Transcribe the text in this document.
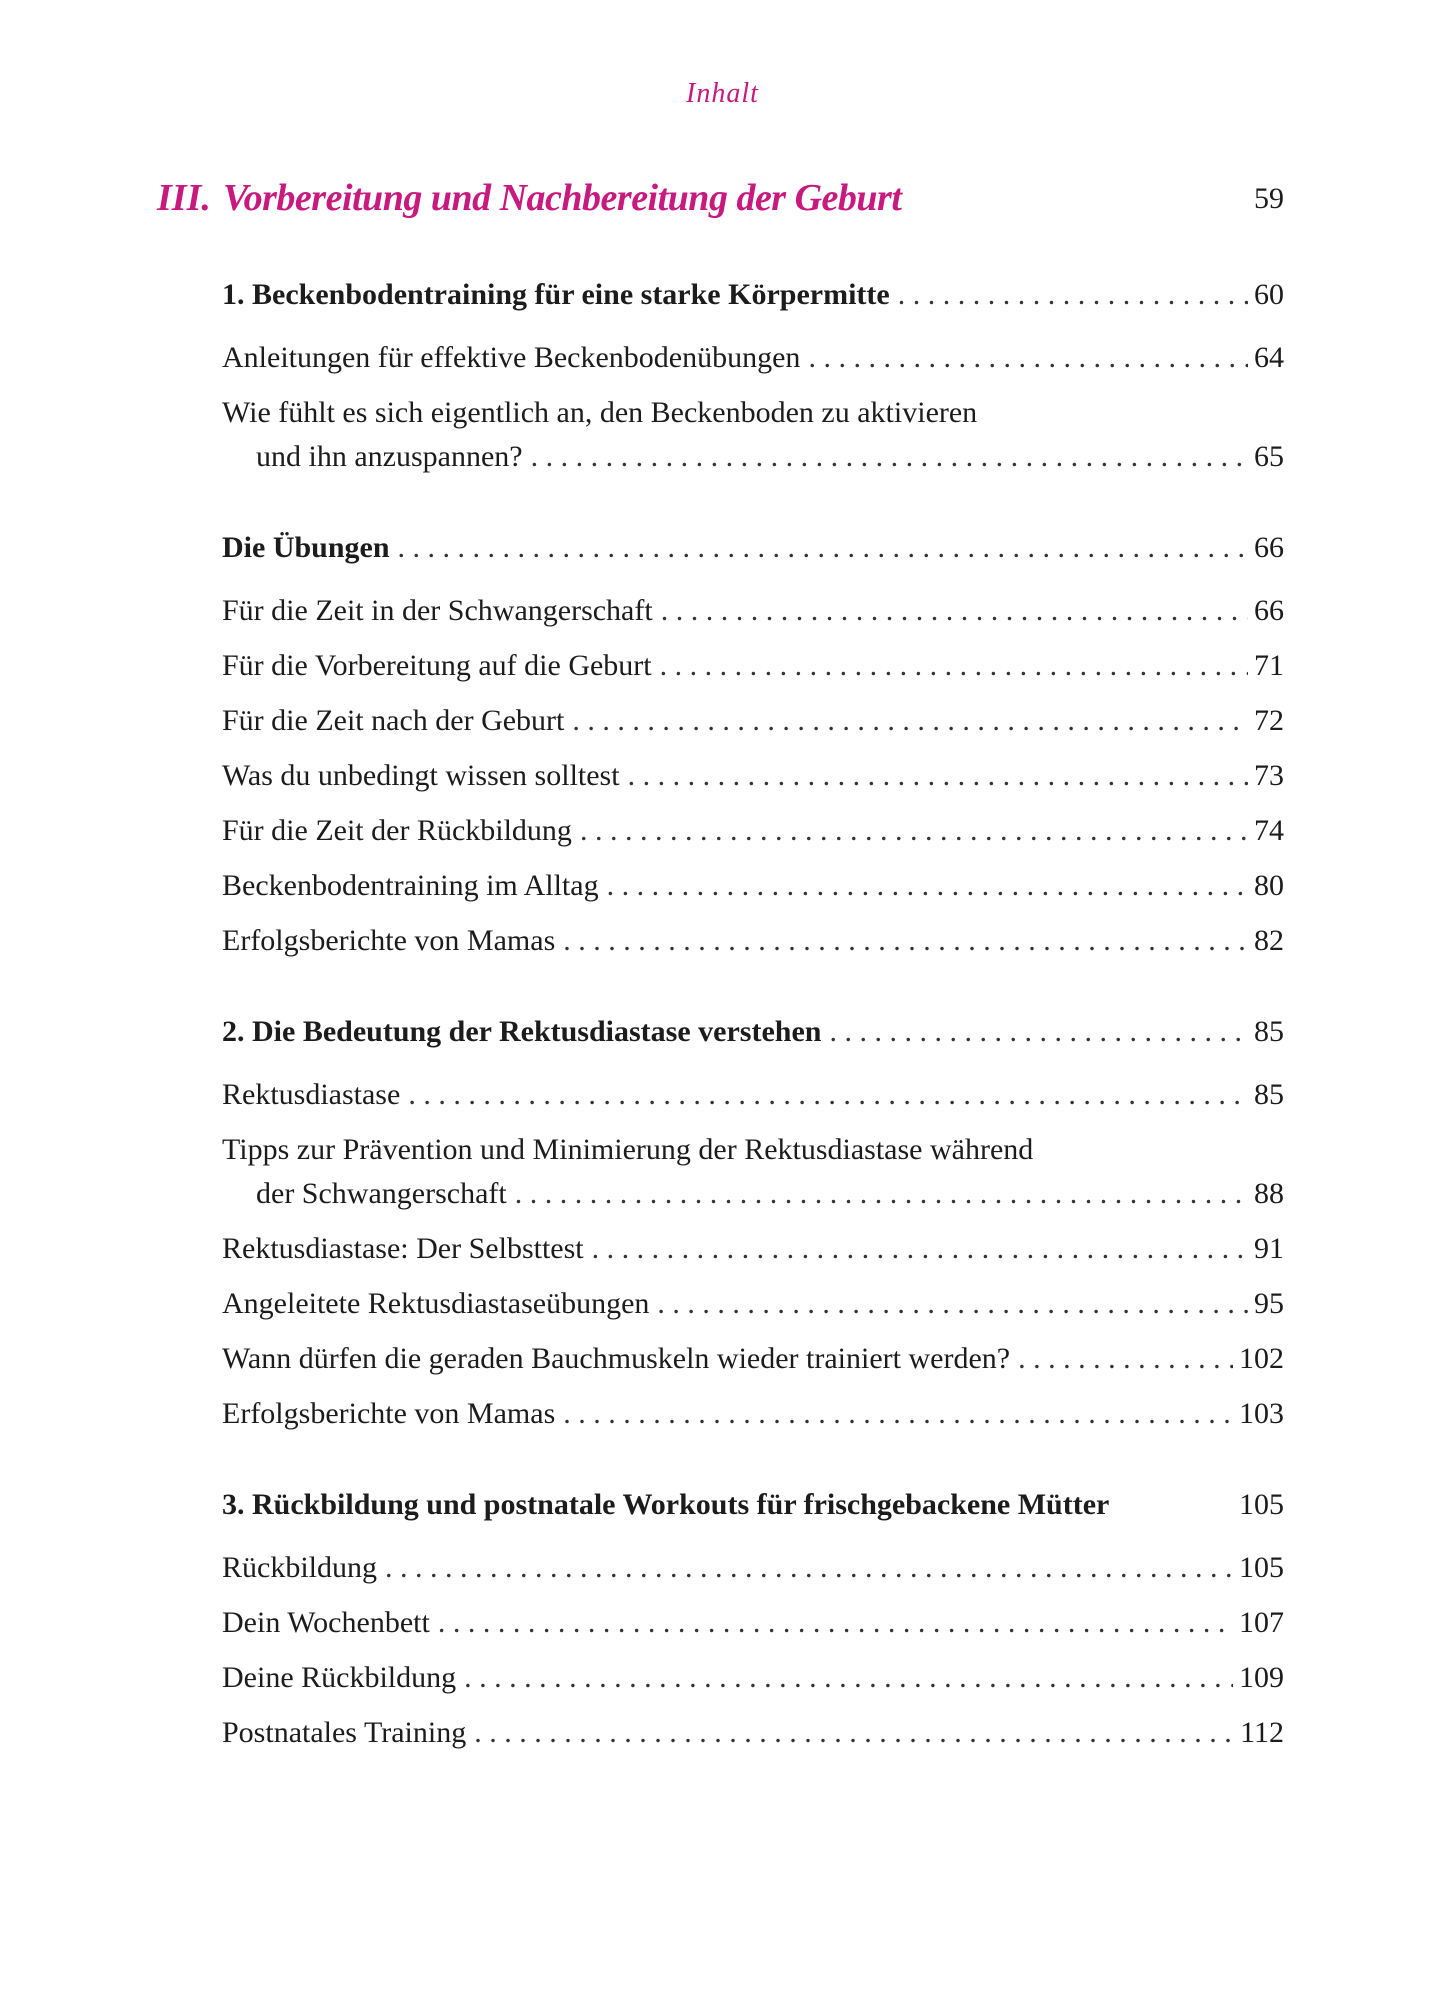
Inhalt
III. Vorbereitung und Nachbereitung der Geburt	59
1. Beckenbodentraining für eine starke Körpermitte . . .	60
Anleitungen für effektive Beckenbodenübungen . . .	64
Wie fühlt es sich eigentlich an, den Beckenboden zu aktivieren
und ihn anzuspannen? . . .	65
Die Übungen . . .	66
Für die Zeit in der Schwangerschaft . . .	66
Für die Vorbereitung auf die Geburt . . .	71
Für die Zeit nach der Geburt . . .	72
Was du unbedingt wissen solltest . . .	73
Für die Zeit der Rückbildung . . .	74
Beckenbodentraining im Alltag . . .	80
Erfolgsberichte von Mamas . . .	82
2. Die Bedeutung der Rektusdiastase verstehen . . .	85
Rektusdiastase . . .	85
Tipps zur Prävention und Minimierung der Rektusdiastase während
der Schwangerschaft . . .	88
Rektusdiastase: Der Selbsttest . . .	91
Angeleitete Rektusdiastaseübungen . . .	95
Wann dürfen die geraden Bauchmuskeln wieder trainiert werden? . . .	102
Erfolgsberichte von Mamas . . .	103
3. Rückbildung und postnatale Workouts für frischgebackene Mütter	105
Rückbildung . . .	105
Dein Wochenbett . . .	107
Deine Rückbildung . . .	109
Postnatales Training . . .	112
